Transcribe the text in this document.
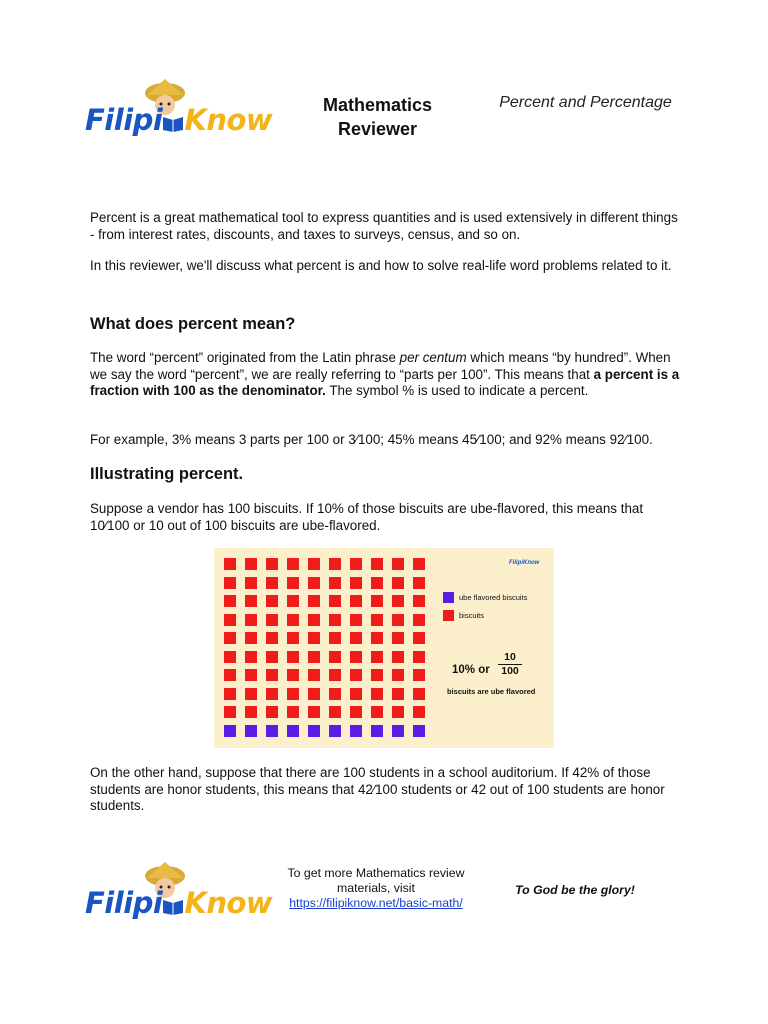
Filipi Know	Mathematics
Reviewer
Percent and Percentage
Percent is a great mathematical tool to express quantities and is used extensively in different things - from interest rates, discounts, and taxes to surveys, census, and so on.
In this reviewer, we'll discuss what percent is and how to solve real-life word problems related to it.
What does percent mean?
The word “percent” originated from the Latin phrase per centum which means “by hundred”. When we say the word “percent”, we are really referring to “parts per 100”. This means that a percent is a fraction with 100 as the denominator. The symbol % is used to indicate a percent.
For example, 3% means 3 parts per 100 or 3⁄100; 45% means 45⁄100; and 92% means 92⁄100.
Illustrating percent.
Suppose a vendor has 100 biscuits. If 10% of those biscuits are ube-flavored, this means that 10⁄100 or 10 out of 100 biscuits are ube-flavored.
FilipiKnow
ube flavored biscuits
biscuits
10% or $\frac{10}{100}$
biscuits are ube flavored
On the other hand, suppose that there are 100 students in a school auditorium. If 42% of those students are honor students, this means that 42⁄100 students or 42 out of 100 students are honor students.
Filipi Know
To get more Mathematics review
materials, visit
https://filipiknow.net/basic-math/
To God be the glory!
